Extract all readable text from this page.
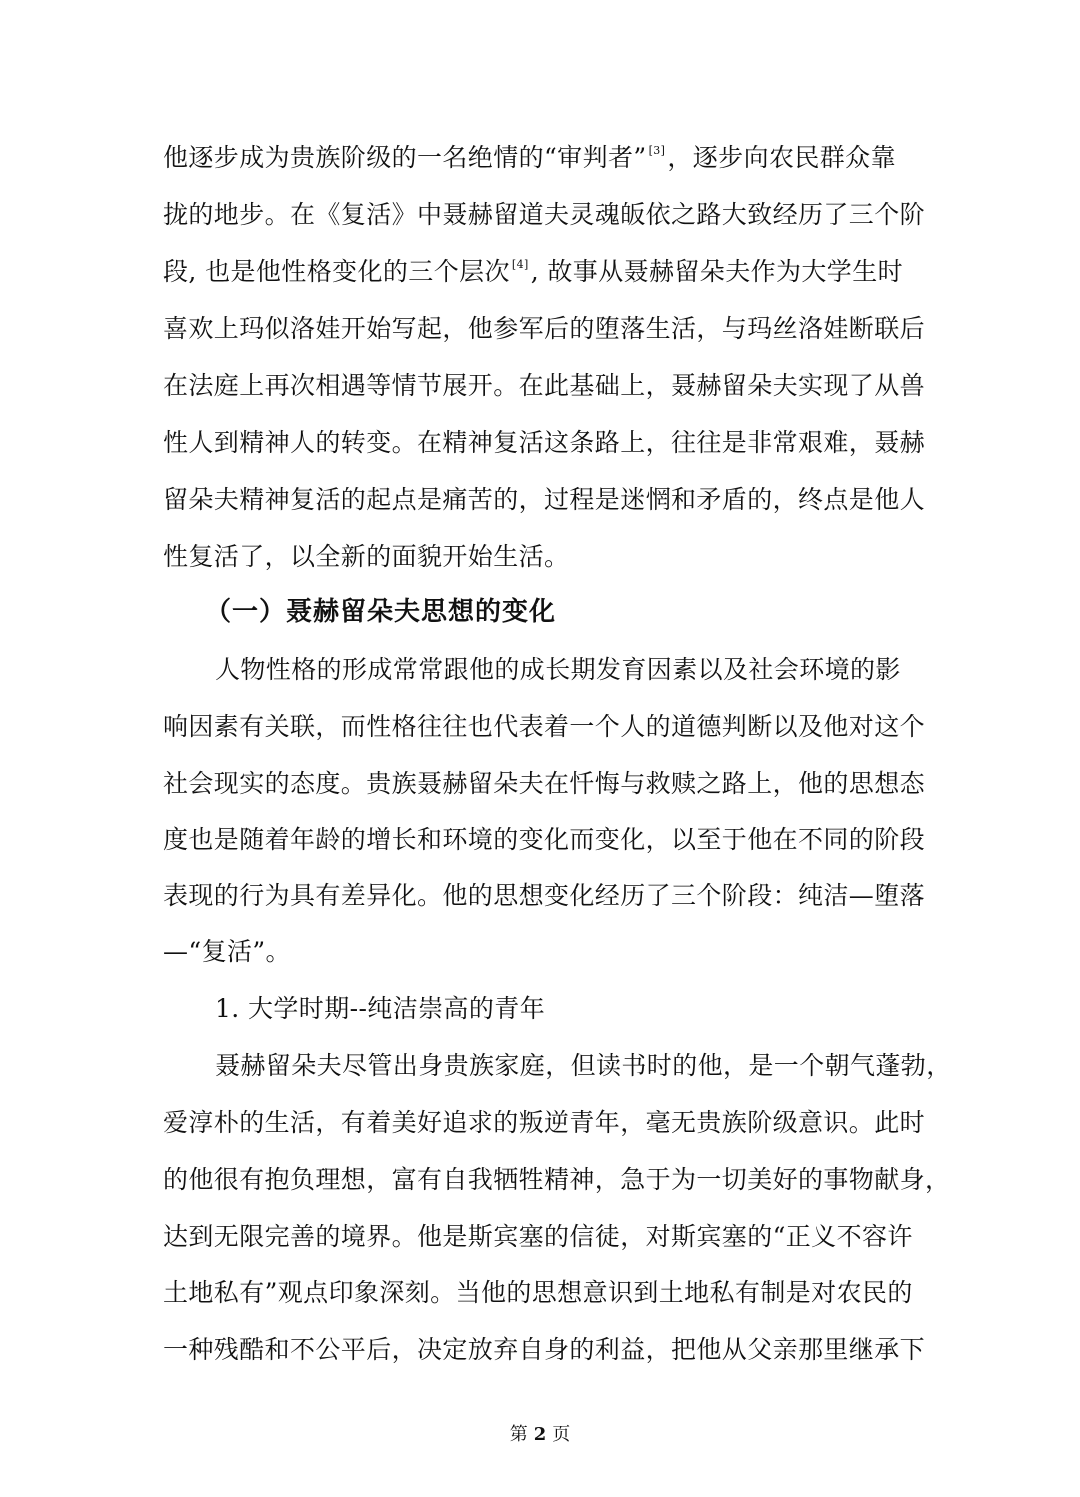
他逐步成为贵族阶级的一名绝情的“审判者” [3]，逐步向农民群众靠
拢的地步。在《复活》中聂赫留道夫灵魂皈依之路大致经历了三个阶
段, 也是他性格变化的三个层次 [4], 故事从聂赫留朵夫作为大学生时
喜欢上玛似洛娃开始写起，他参军后的堕落生活，与玛丝洛娃断联后
在法庭上再次相遇等情节展开。在此基础上，聂赫留朵夫实现了从兽
性人到精神人的转变。在精神复活这条路上，往往是非常艰难，聂赫
留朵夫精神复活的起点是痛苦的，过程是迷惘和矛盾的，终点是他人
性复活了，以全新的面貌开始生活。
（一）聂赫留朵夫思想的变化
人物性格的形成常常跟他的成长期发育因素以及社会环境的影
响因素有关联，而性格往往也代表着一个人的道德判断以及他对这个
社会现实的态度。贵族聂赫留朵夫在忏悔与救赎之路上，他的思想态
度也是随着年龄的增长和环境的变化而变化，以至于他在不同的阶段
表现的行为具有差异化。他的思想变化经历了三个阶段：纯洁—堕落
—“复活”。
1. 大学时期--纯洁崇高的青年
聂赫留朵夫尽管出身贵族家庭，但读书时的他，是一个朝气蓬勃，
爱淳朴的生活，有着美好追求的叛逆青年，毫无贵族阶级意识。此时
的他很有抱负理想，富有自我牺牲精神，急于为一切美好的事物献身，
达到无限完善的境界。他是斯宾塞的信徒，对斯宾塞的“正义不容许
土地私有”观点印象深刻。当他的思想意识到土地私有制是对农民的
一种残酷和不公平后，决定放弃自身的利益，把他从父亲那里继承下
第 2 页
